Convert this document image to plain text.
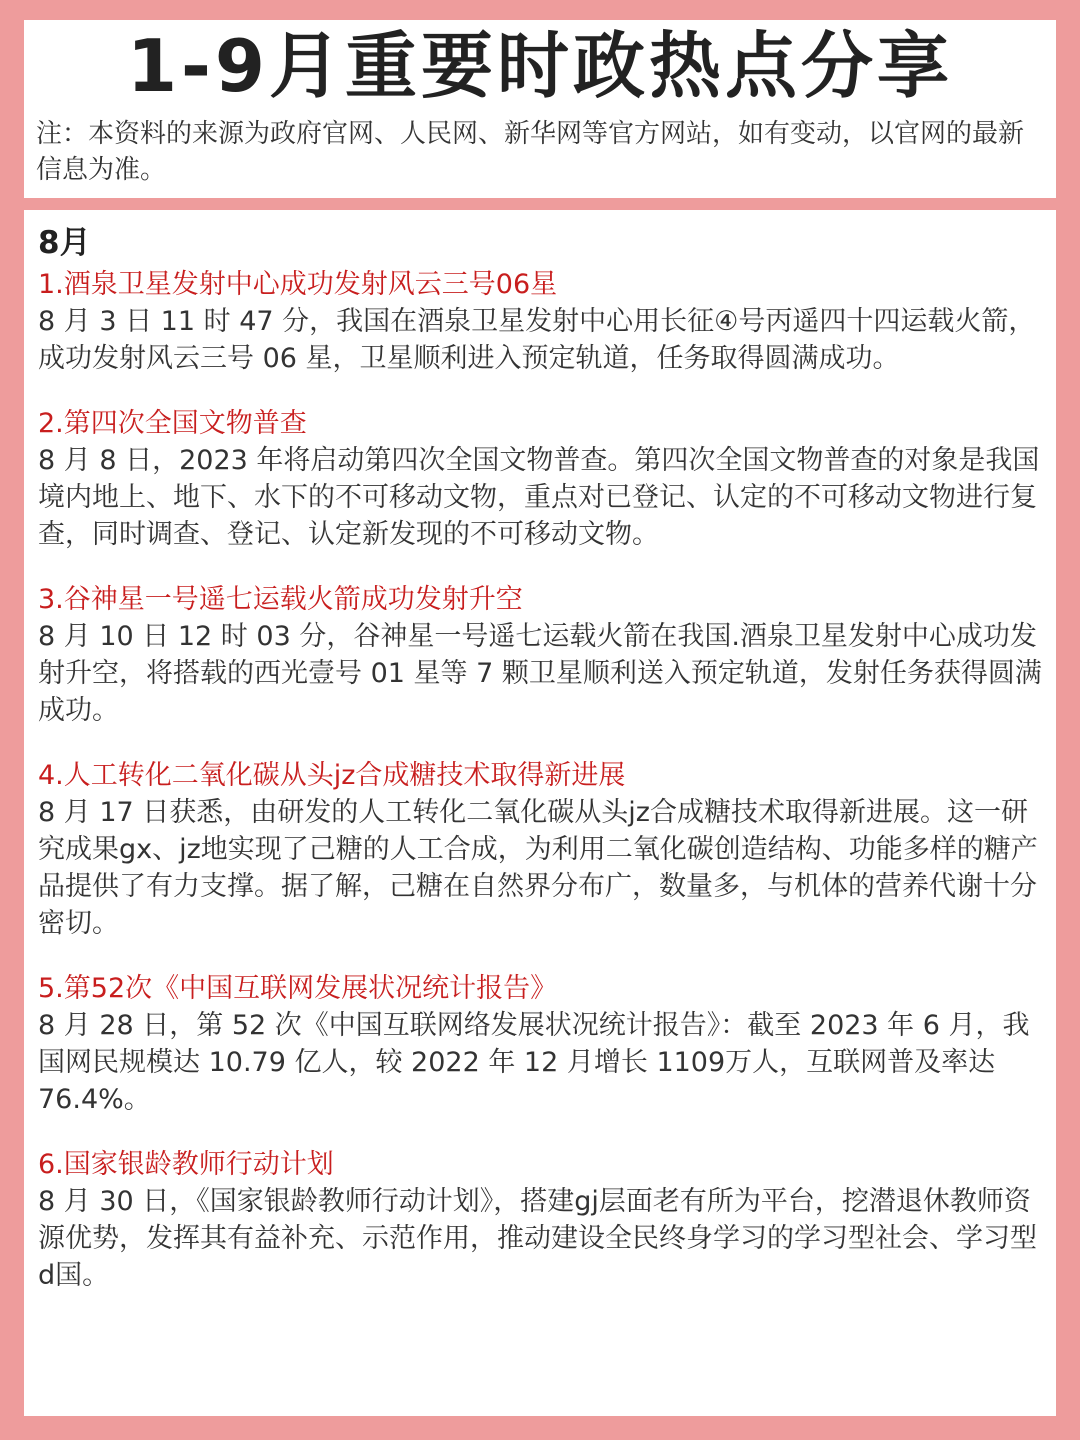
1-9月重要时政热点分享

注：本资料的来源为政府官网、人民网、新华网等官方网站，如有变动，以官网的最新信息为准。

8月

1.酒泉卫星发射中心成功发射风云三号06星

8 月 3 日 11 时 47 分，我国在酒泉卫星发射中心用长征④号丙遥四十四运载火箭，成功发射风云三号 06 星，卫星顺利进入预定轨道，任务取得圆满成功。

2.第四次全国文物普查

8 月 8 日，2023 年将启动第四次全国文物普查。第四次全国文物普查的对象是我国境内地上、地下、水下的不可移动文物，重点对已登记、认定的不可移动文物进行复查，同时调查、登记、认定新发现的不可移动文物。

3.谷神星一号遥七运载火箭成功发射升空

8 月 10 日 12 时 03 分，谷神星一号遥七运载火箭在我国.酒泉卫星发射中心成功发射升空，将搭载的西光壹号 01 星等 7 颗卫星顺利送入预定轨道，发射任务获得圆满成功。

4.人工转化二氧化碳从头jz合成糖技术取得新进展

8 月 17 日获悉，由研发的人工转化二氧化碳从头jz合成糖技术取得新进展。这一研究成果gx、jz地实现了己糖的人工合成，为利用二氧化碳创造结构、功能多样的糖产品提供了有力支撑。据了解，己糖在自然界分布广，数量多，与机体的营养代谢十分密切。

5.第52次《中国互联网发展状况统计报告》

8 月 28 日，第 52 次《中国互联网络发展状况统计报告》：截至 2023 年 6 月，我国网民规模达 10.79 亿人，较 2022 年 12 月增长 1109万人，互联网普及率达 76.4%。

6.国家银龄教师行动计划

8 月 30 日，《国家银龄教师行动计划》，搭建gj层面老有所为平台，挖潜退休教师资源优势，发挥其有益补充、示范作用，推动建设全民终身学习的学习型社会、学习型d国。
